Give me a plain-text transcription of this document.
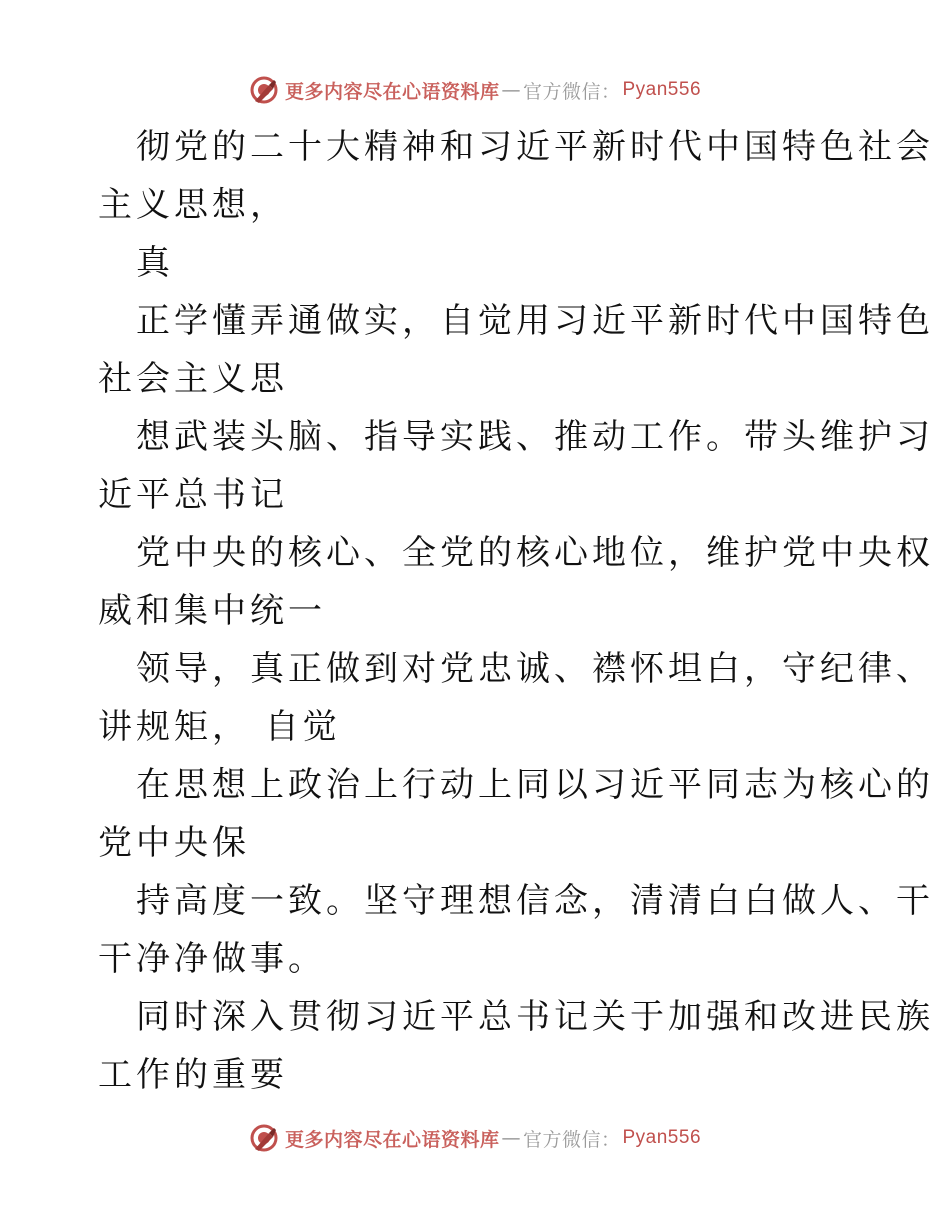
更多内容尽在心语资料库 — 官方微信： Pyan556
彻党的二十大精神和习近平新时代中国特色社会
主义思想，
真
正学懂弄通做实，自觉用习近平新时代中国特色
社会主义思
想武装头脑、指导实践、推动工作。带头维护习
近平总书记
党中央的核心、全党的核心地位，维护党中央权
威和集中统一
领导，真正做到对党忠诚、襟怀坦白，守纪律、
讲规矩， 自觉
在思想上政治上行动上同以习近平同志为核心的
党中央保
持高度一致。坚守理想信念，清清白白做人、干
干净净做事。
同时深入贯彻习近平总书记关于加强和改进民族
工作的重要
更多内容尽在心语资料库 — 官方微信： Pyan556
